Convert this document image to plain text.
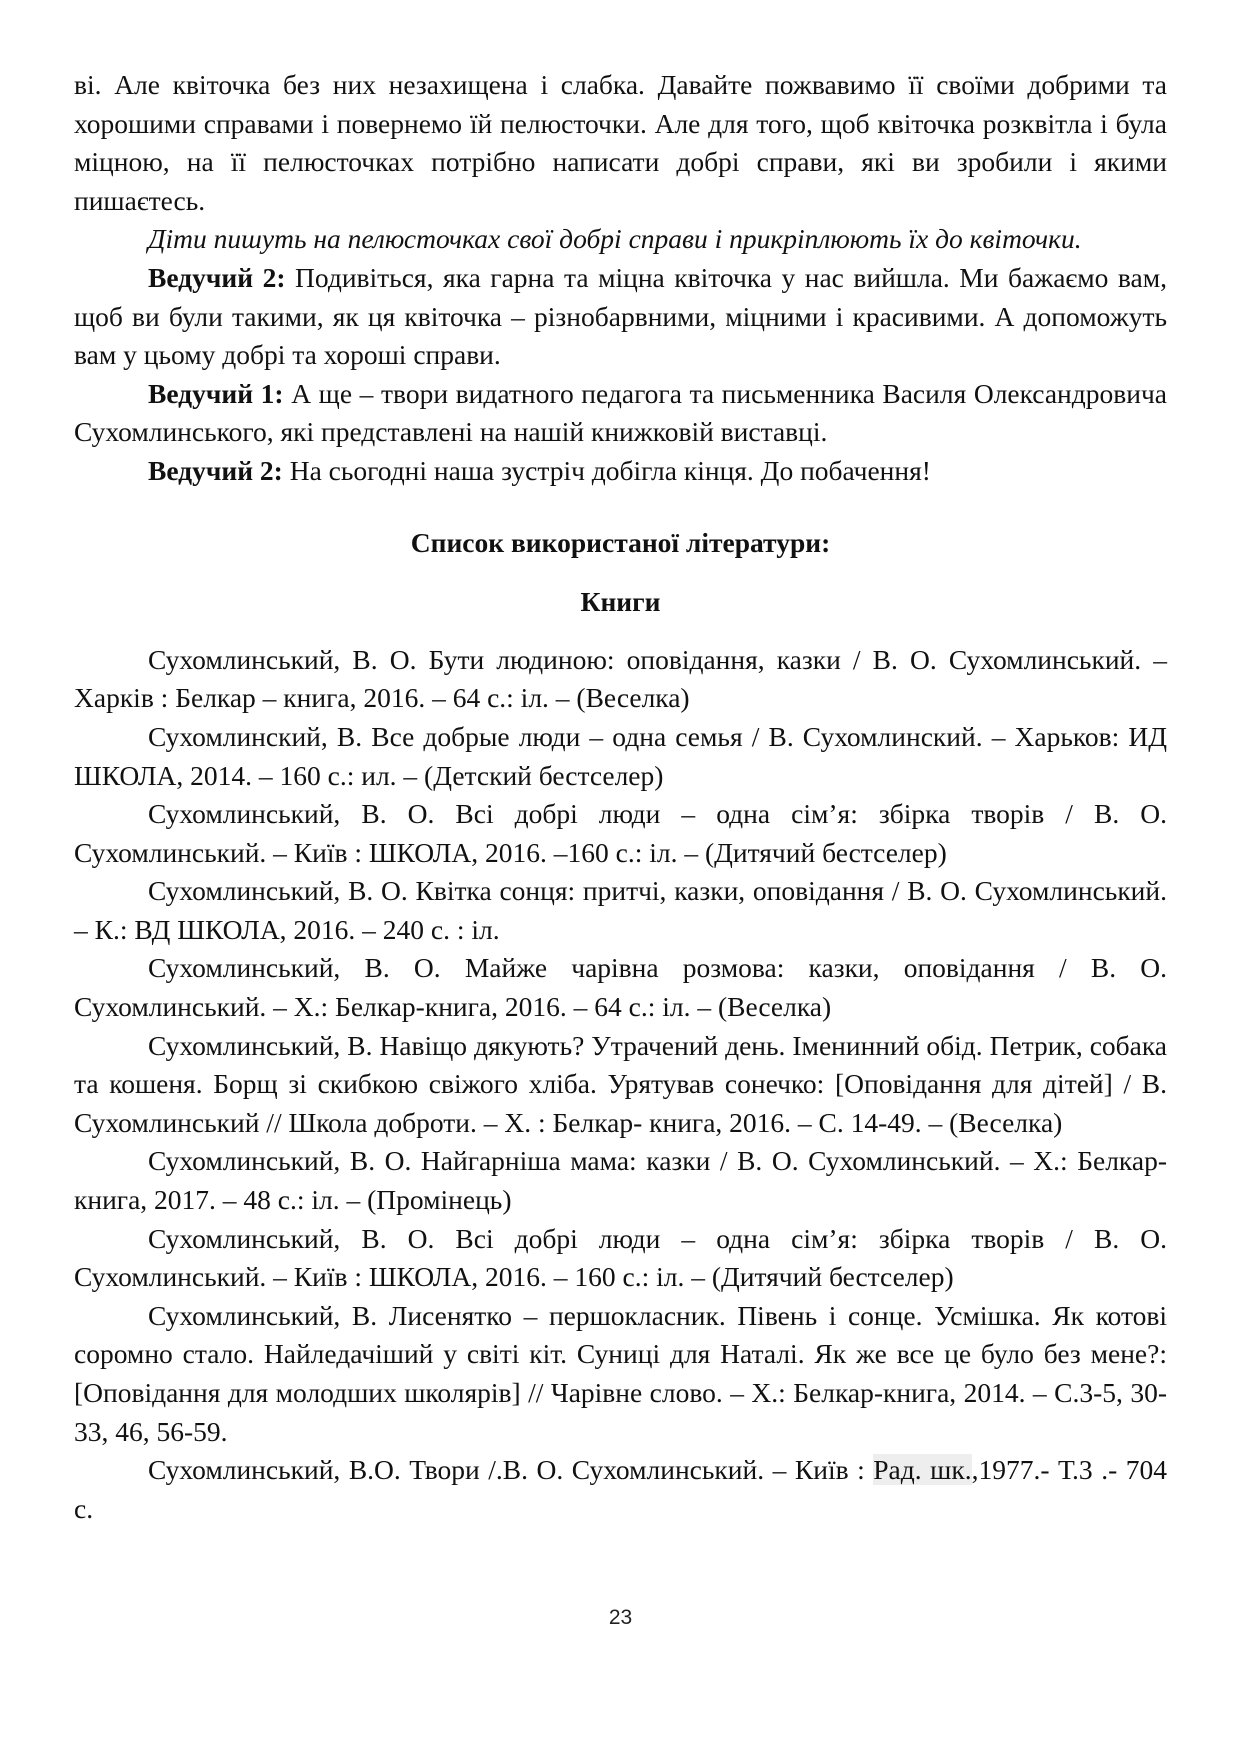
ві. Але квіточка без них незахищена і слабка. Давайте пожвавимо її своїми добрими та хорошими справами і повернемо їй пелюсточки. Але для того, щоб квіточка розквітла і була міцною, на її пелюсточках потрібно написати добрі справи, які ви зробили і якими пишаєтесь.

Діти пишуть на пелюсточках свої добрі справи і прикріплюють їх до квіточки.

Ведучий 2: Подивіться, яка гарна та міцна квіточка у нас вийшла. Ми бажаємо вам, щоб ви були такими, як ця квіточка – різнобарвними, міцними і красивими. А допоможуть вам у цьому добрі та хороші справи.

Ведучий 1: А ще – твори видатного педагога та письменника Василя Олександровича Сухомлинського, які представлені на нашій книжковій виставці.

Ведучий 2: На сьогодні наша зустріч добігла кінця. До побачення!

Список використаної літератури:

Книги

Сухомлинський, В. О. Бути людиною: оповідання, казки / В. О. Сухомлинський. – Харків : Белкар – книга, 2016. – 64 с.: іл. – (Веселка)

Сухомлинский, В. Все добрые люди – одна семья / В. Сухомлинский. – Харьков: ИД ШКОЛА, 2014. – 160 с.: ил. – (Детский бестселер)

Сухомлинський, В. О. Всі добрі люди – одна сім’я: збірка творів / В. О. Сухомлинський. – Київ : ШКОЛА, 2016. –160 с.: іл. – (Дитячий бестселер)

Сухомлинський, В. О. Квітка сонця: притчі, казки, оповідання / В. О. Сухомлинський. – К.: ВД ШКОЛА, 2016. – 240 с. : іл.

Сухомлинський, В. О. Майже чарівна розмова: казки, оповідання / В. О. Сухомлинський. – Х.: Белкар-книга, 2016. – 64 с.: іл. – (Веселка)

Сухомлинський, В. Навіщо дякують? Утрачений день. Іменинний обід. Петрик, собака та кошеня. Борщ зі скибкою свіжого хліба. Урятував сонечко: [Оповідання для дітей] / В. Сухомлинський // Школа доброти. – Х. : Белкар- книга, 2016. – С. 14-49. – (Веселка)

Сухомлинський, В. О. Найгарніша мама: казки / В. О. Сухомлинський. – Х.: Белкар-книга, 2017. – 48 с.: іл. – (Промінець)

Сухомлинський, В. О. Всі добрі люди – одна сім’я: збірка творів / В. О. Сухомлинський. – Київ : ШКОЛА, 2016. – 160 с.: іл. – (Дитячий бестселер)

Сухомлинський, В. Лисенятко – першокласник. Півень і сонце. Усмішка. Як котові соромно стало. Найледачіший у світі кіт. Суниці для Наталі. Як же все це було без мене?: [Оповідання для молодших школярів] // Чарівне слово. – Х.: Белкар-книга, 2014. – С.3-5, 30-33, 46, 56-59.

Сухомлинський, В.О. Твори /.В. О. Сухомлинський. – Київ : Рад. шк.,1977.- Т.3 .- 704 с.

23
